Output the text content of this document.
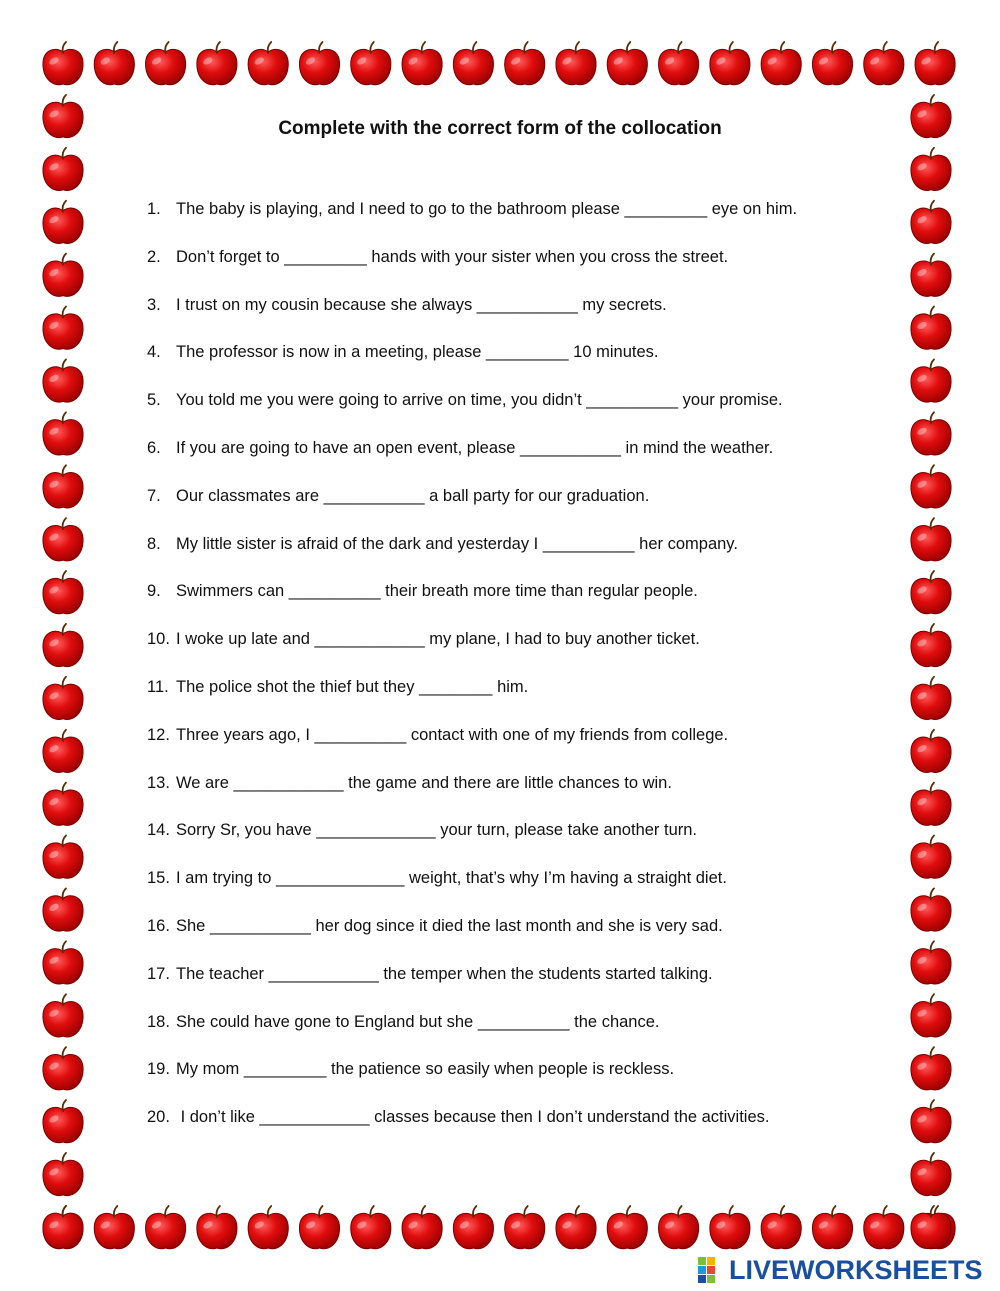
Complete with the correct form of the collocation
1. The baby is playing, and I need to go to the bathroom please _________ eye on him.
2. Don’t forget to _________ hands with your sister when you cross the street.
3. I trust on my cousin because she always ___________ my secrets.
4. The professor is now in a meeting, please _________ 10 minutes.
5. You told me you were going to arrive on time, you didn’t __________ your promise.
6. If you are going to have an open event, please ___________ in mind the weather.
7. Our classmates are ___________ a ball party for our graduation.
8. My little sister is afraid of the dark and yesterday I __________ her company.
9. Swimmers can __________ their breath more time than regular people.
10. I woke up late and ____________ my plane, I had to buy another ticket.
11. The police shot the thief but they ________ him.
12. Three years ago, I __________ contact with one of my friends from college.
13. We are ____________ the game and there are little chances to win.
14. Sorry Sr, you have _____________ your turn, please take another turn.
15. I am trying to ______________ weight, that’s why I’m having a straight diet.
16. She ___________ her dog since it died the last month and she is very sad.
17. The teacher ____________ the temper when the students started talking.
18. She could have gone to England but she __________ the chance.
19. My mom _________ the patience so easily when people is reckless.
20. I don’t like ____________ classes because then I don’t understand the activities.
LIVEWORKSHEETS
